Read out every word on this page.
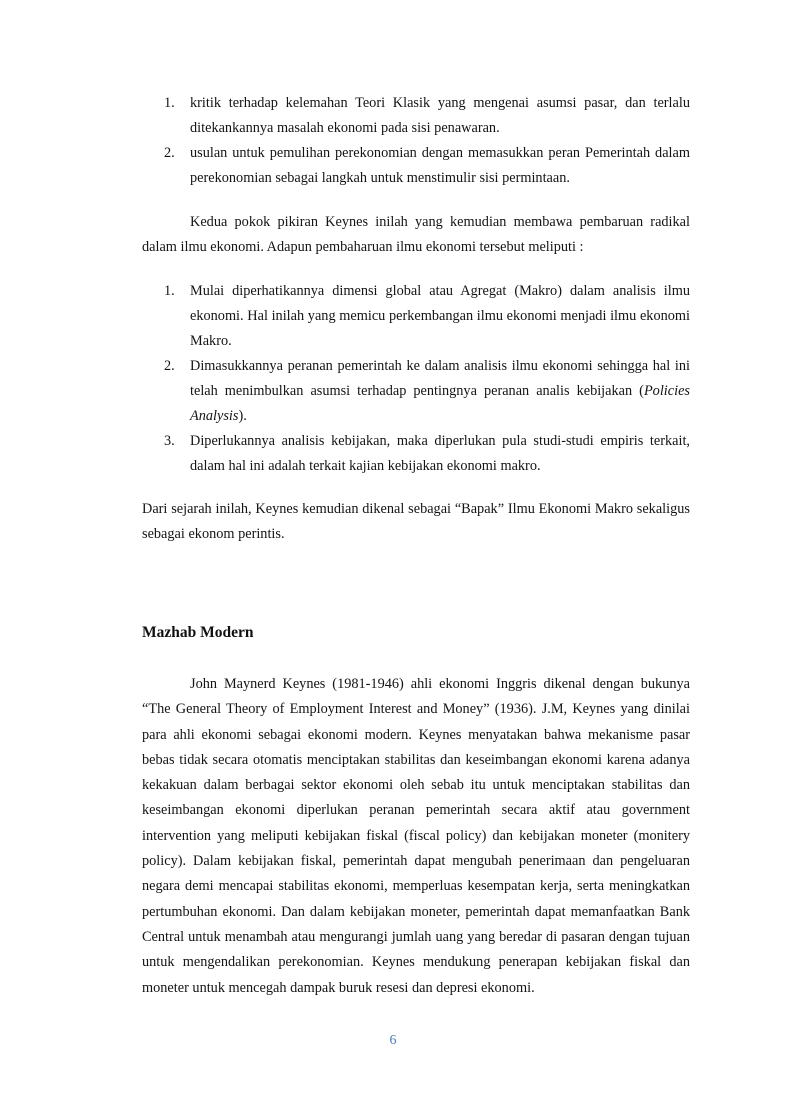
1. kritik terhadap kelemahan Teori Klasik yang mengenai asumsi pasar, dan terlalu ditekankannya masalah ekonomi pada sisi penawaran.
2. usulan untuk pemulihan perekonomian dengan memasukkan peran Pemerintah dalam perekonomian sebagai langkah untuk menstimulir sisi permintaan.

Kedua pokok pikiran Keynes inilah yang kemudian membawa pembaruan radikal dalam ilmu ekonomi. Adapun pembaharuan ilmu ekonomi tersebut meliputi :

1. Mulai diperhatikannya dimensi global atau Agregat (Makro) dalam analisis ilmu ekonomi. Hal inilah yang memicu perkembangan ilmu ekonomi menjadi ilmu ekonomi Makro.
2. Dimasukkannya peranan pemerintah ke dalam analisis ilmu ekonomi sehingga hal ini telah menimbulkan asumsi terhadap pentingnya peranan analis kebijakan (Policies Analysis).
3. Diperlukannya analisis kebijakan, maka diperlukan pula studi-studi empiris terkait, dalam hal ini adalah terkait kajian kebijakan ekonomi makro.

Dari sejarah inilah, Keynes kemudian dikenal sebagai “Bapak” Ilmu Ekonomi Makro sekaligus sebagai ekonom perintis.

Mazhab Modern

John Maynerd Keynes (1981-1946) ahli ekonomi Inggris dikenal dengan bukunya “The General Theory of Employment Interest and Money” (1936). J.M, Keynes yang dinilai para ahli ekonomi sebagai ekonomi modern. Keynes menyatakan bahwa mekanisme pasar bebas tidak secara otomatis menciptakan stabilitas dan keseimbangan ekonomi karena adanya kekakuan dalam berbagai sektor ekonomi oleh sebab itu untuk menciptakan stabilitas dan keseimbangan ekonomi diperlukan peranan pemerintah secara aktif atau government intervention yang meliputi kebijakan fiskal (fiscal policy) dan kebijakan moneter (monitery policy). Dalam kebijakan fiskal, pemerintah dapat mengubah penerimaan dan pengeluaran negara demi mencapai stabilitas ekonomi, memperluas kesempatan kerja, serta meningkatkan pertumbuhan ekonomi. Dan dalam kebijakan moneter, pemerintah dapat memanfaatkan Bank Central untuk menambah atau mengurangi jumlah uang yang beredar di pasaran dengan tujuan untuk mengendalikan perekonomian. Keynes mendukung penerapan kebijakan fiskal dan moneter untuk mencegah dampak buruk resesi dan depresi ekonomi.

6
